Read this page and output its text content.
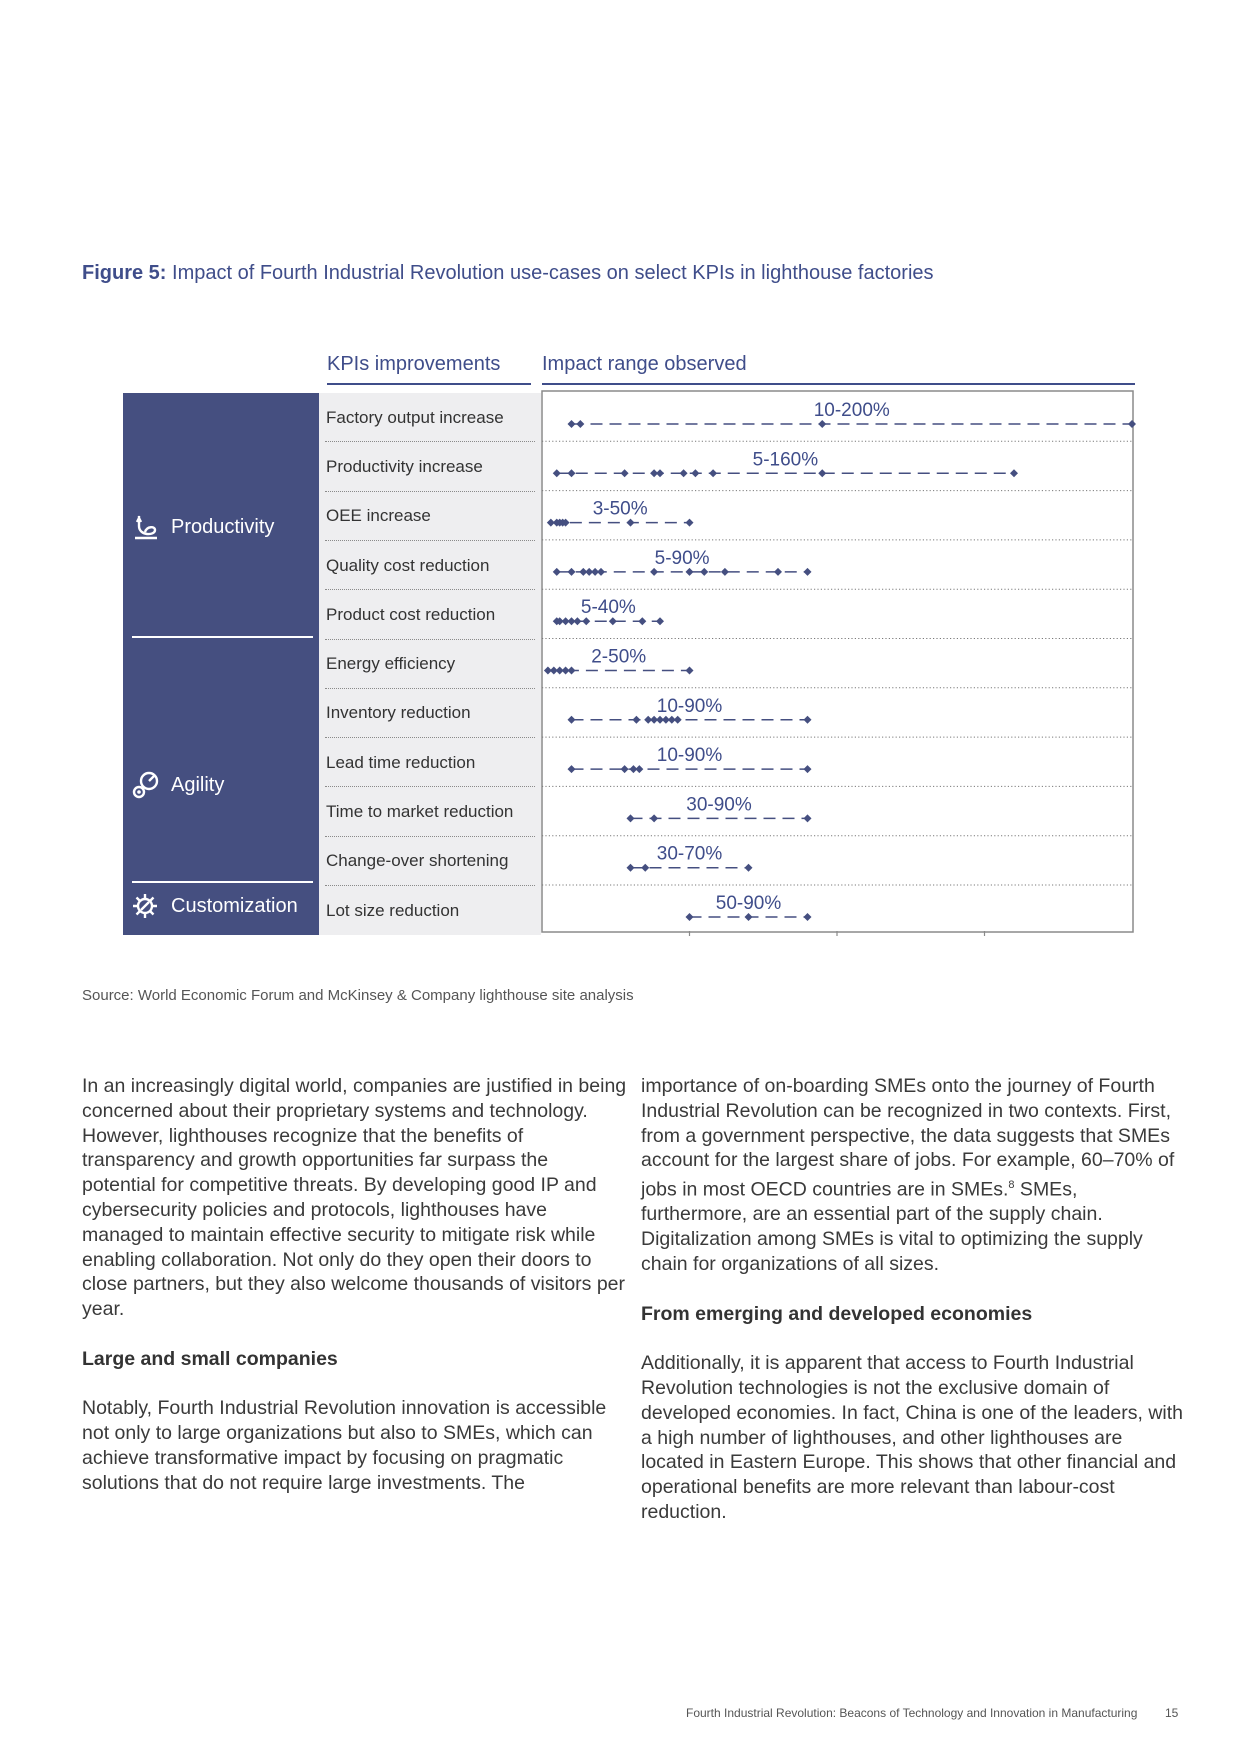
Figure 5: Impact of Fourth Industrial Revolution use-cases on select KPIs in lighthouse factories
KPIs improvements	Impact range observed
Productivity
Agility
Customization
Factory output increase
Productivity increase
OEE increase
Quality cost reduction
Product cost reduction
Energy efficiency
Inventory reduction
Lead time reduction
Time to market reduction
Change-over shortening
Lot size reduction
10-200%
5-160%
3-50%
5-90%
5-40%
2-50%
10-90%
10-90%
30-90%
30-70%
50-90%
Source: World Economic Forum and McKinsey & Company lighthouse site analysis

In an increasingly digital world, companies are justified in being concerned about their proprietary systems and technology. However, lighthouses recognize that the benefits of transparency and growth opportunities far surpass the potential for competitive threats. By developing good IP and cybersecurity policies and protocols, lighthouses have managed to maintain effective security to mitigate risk while enabling collaboration. Not only do they open their doors to close partners, but they also welcome thousands of visitors per year.

Large and small companies

Notably, Fourth Industrial Revolution innovation is accessible not only to large organizations but also to SMEs, which can achieve transformative impact by focusing on pragmatic solutions that do not require large investments. The

importance of on-boarding SMEs onto the journey of Fourth Industrial Revolution can be recognized in two contexts. First, from a government perspective, the data suggests that SMEs account for the largest share of jobs. For example, 60–70% of jobs in most OECD countries are in SMEs.$^8$ SMEs, furthermore, are an essential part of the supply chain. Digitalization among SMEs is vital to optimizing the supply chain for organizations of all sizes.

From emerging and developed economies

Additionally, it is apparent that access to Fourth Industrial Revolution technologies is not the exclusive domain of developed economies. In fact, China is one of the leaders, with a high number of lighthouses, and other lighthouses are located in Eastern Europe. This shows that other financial and operational benefits are more relevant than labour-cost reduction.

Fourth Industrial Revolution: Beacons of Technology and Innovation in Manufacturing 15
